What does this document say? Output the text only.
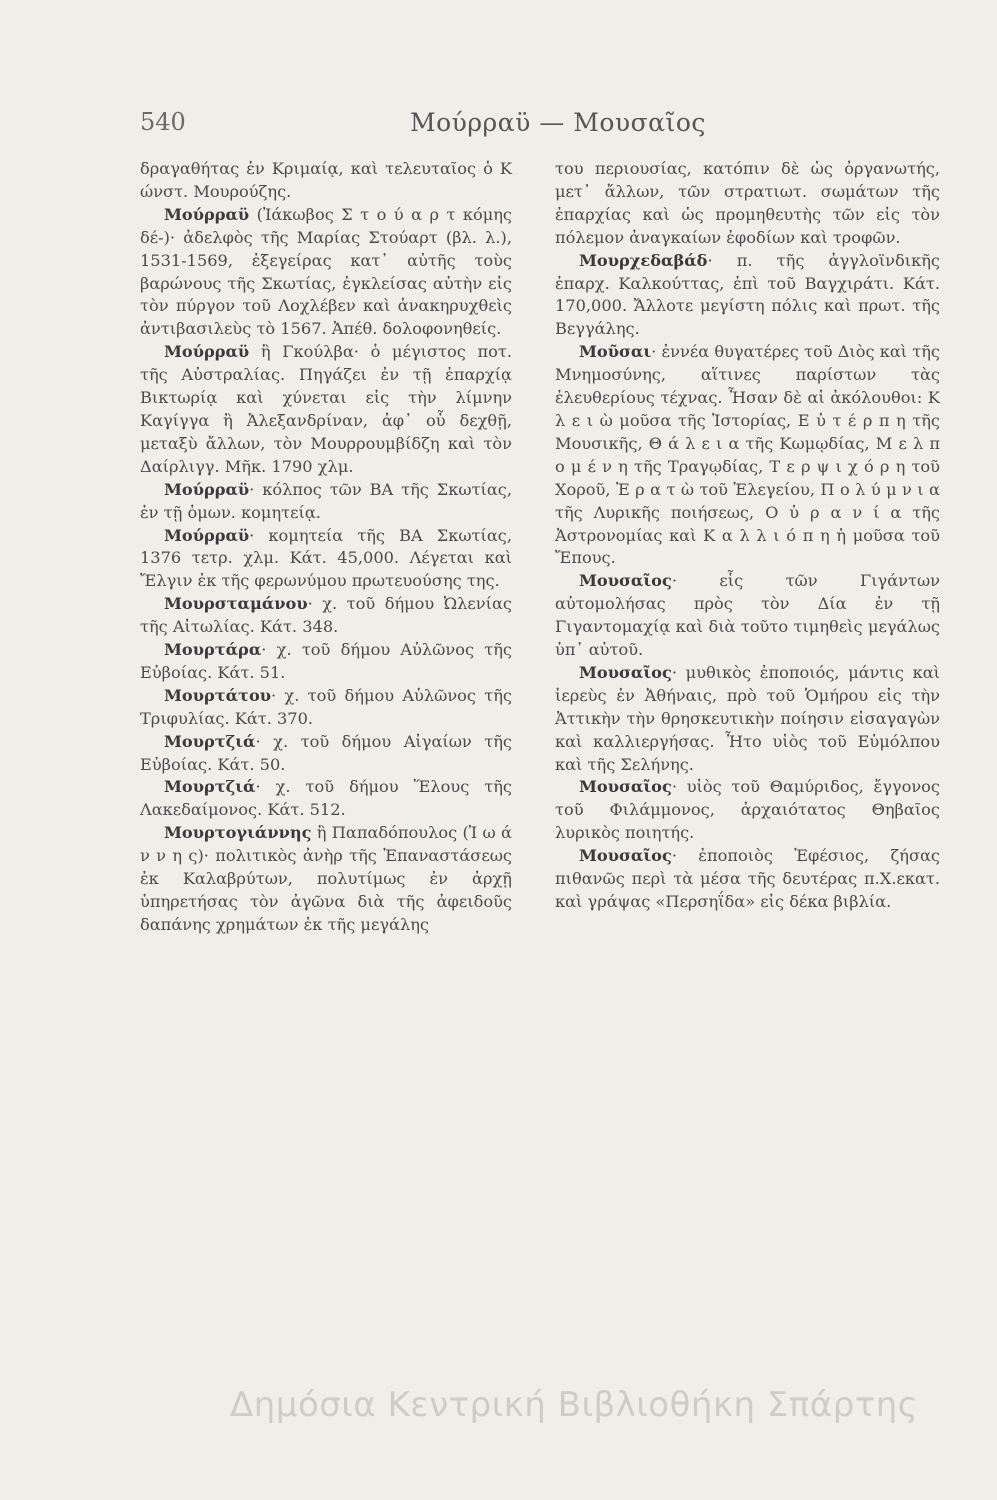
540	Μούρραϋ — Μουσαῖος

δραγαθήτας ἐν Κριμαίᾳ, καὶ τελευταῖος ὁ Κ ώνστ. Μουρούζης.

Μούρραϋ (Ἰάκωβος Σ τ ο ύ α ρ τ κόμης δέ-)· ἀδελφὸς τῆς Μαρίας Στούαρτ (βλ. λ.), 1531-1569, ἐξεγείρας κατ᾽ αὐτῆς τοὺς βαρώνους τῆς Σκωτίας, ἐγκλείσας αὐτὴν εἰς τὸν πύργον τοῦ Λοχλέβεν καὶ ἀνακηρυχθεὶς ἀντιβασιλεὺς τὸ 1567. Ἀπέθ. δολοφονηθείς.

Μούρραϋ ἢ Γκούλβα· ὁ μέγιστος ποτ. τῆς Αὐστραλίας. Πηγάζει ἐν τῇ ἐπαρχίᾳ Βικτωρίᾳ καὶ χύνεται εἰς τὴν λίμνην Καγίγγα ἢ Ἀλεξανδρίναν, ἀφ᾽ οὗ δεχθῇ, μεταξὺ ἄλλων, τὸν Μουρρουμβίδζη καὶ τὸν Δαίρλιγγ. Μῆκ. 1790 χλμ.

Μούρραϋ· κόλπος τῶν ΒΑ τῆς Σκωτίας, ἐν τῇ ὁμων. κομητείᾳ.

Μούρραϋ· κομητεία τῆς ΒΑ Σκωτίας, 1376 τετρ. χλμ. Κάτ. 45,000. Λέγεται καὶ Ἔλγιν ἐκ τῆς φερωνύμου πρωτευούσης της.

Μουρσταμάνου· χ. τοῦ δήμου Ὠλενίας τῆς Αἰτωλίας. Κάτ. 348.

Μουρτάρα· χ. τοῦ δήμου Αὐλῶνος τῆς Εὐβοίας. Κάτ. 51.

Μουρτάτου· χ. τοῦ δήμου Αὐλῶνος τῆς Τριφυλίας. Κάτ. 370.

Μουρτζιά· χ. τοῦ δήμου Αἰγαίων τῆς Εὐβοίας. Κάτ. 50.

Μουρτζιά· χ. τοῦ δήμου Ἕλους τῆς Λακεδαίμονος. Κάτ. 512.

Μουρτογιάννης ἢ Παπαδόπουλος (Ἰ ω ά ν ν η ς)· πολιτικὸς ἀνὴρ τῆς Ἐπαναστάσεως ἐκ Καλαβρύτων, πολυτίμως ἐν ἀρχῇ ὑπηρετήσας τὸν ἀγῶνα διὰ τῆς ἀφειδοῦς δαπάνης χρημάτων ἐκ τῆς μεγάλης

του περιουσίας, κατόπιν δὲ ὡς ὀργανωτής, μετ᾽ ἄλλων, τῶν στρατιωτ. σωμάτων τῆς ἐπαρχίας καὶ ὡς προμηθευτὴς τῶν εἰς τὸν πόλεμον ἀναγκαίων ἐφοδίων καὶ τροφῶν.

Μουρχεδαβάδ· π. τῆς ἀγγλοϊνδικῆς ἐπαρχ. Καλκούττας, ἐπὶ τοῦ Βαγχιράτι. Κάτ. 170,000. Ἄλλοτε μεγίστη πόλις καὶ πρωτ. τῆς Βεγγάλης.

Μοῦσαι· ἐννέα θυγατέρες τοῦ Διὸς καὶ τῆς Μνημοσύνης, αἵτινες παρίστων τὰς ἐλευθερίους τέχνας. Ἦσαν δὲ αἱ ἀκόλουθοι: Κ λ ε ι ὼ μοῦσα τῆς Ἱστορίας, Ε ὐ τ έ ρ π η τῆς Μουσικῆς, Θ ά λ ε ι α τῆς Κωμῳδίας, Μ ε λ π ο μ έ ν η τῆς Τραγῳδίας, Τ ε ρ ψ ι χ ό ρ η τοῦ Χοροῦ, Ἐ ρ α τ ὼ τοῦ Ἐλεγείου, Π ο λ ύ μ ν ι α τῆς Λυρικῆς ποιήσεως, Ο ὐ ρ α ν ί α τῆς Ἀστρονομίας καὶ Κ α λ λ ι ό π η ἡ μοῦσα τοῦ Ἔπους.

Μουσαῖος· εἷς τῶν Γιγάντων αὐτομολήσας πρὸς τὸν Δία ἐν τῇ Γιγαντομαχίᾳ καὶ διὰ τοῦτο τιμηθεὶς μεγάλως ὑπ᾽ αὐτοῦ.

Μουσαῖος· μυθικὸς ἐποποιός, μάντις καὶ ἱερεὺς ἐν Ἀθήναις, πρὸ τοῦ Ὁμήρου εἰς τὴν Ἀττικὴν τὴν θρησκευτικὴν ποίησιν εἰσαγαγὼν καὶ καλλιεργήσας. Ἦτο υἱὸς τοῦ Εὐμόλπου καὶ τῆς Σελήνης.

Μουσαῖος· υἱὸς τοῦ Θαμύριδος, ἔγγονος τοῦ Φιλάμμονος, ἀρχαιότατος Θηβαῖος λυρικὸς ποιητής.

Μουσαῖος· ἐποποιὸς Ἐφέσιος, ζήσας πιθανῶς περὶ τὰ μέσα τῆς δευτέρας π.Χ.εκατ. καὶ γράψας «Περσηΐδα» εἰς δέκα βιβλία.

Δημόσια Κεντρική Βιβλιοθήκη Σπάρτης
